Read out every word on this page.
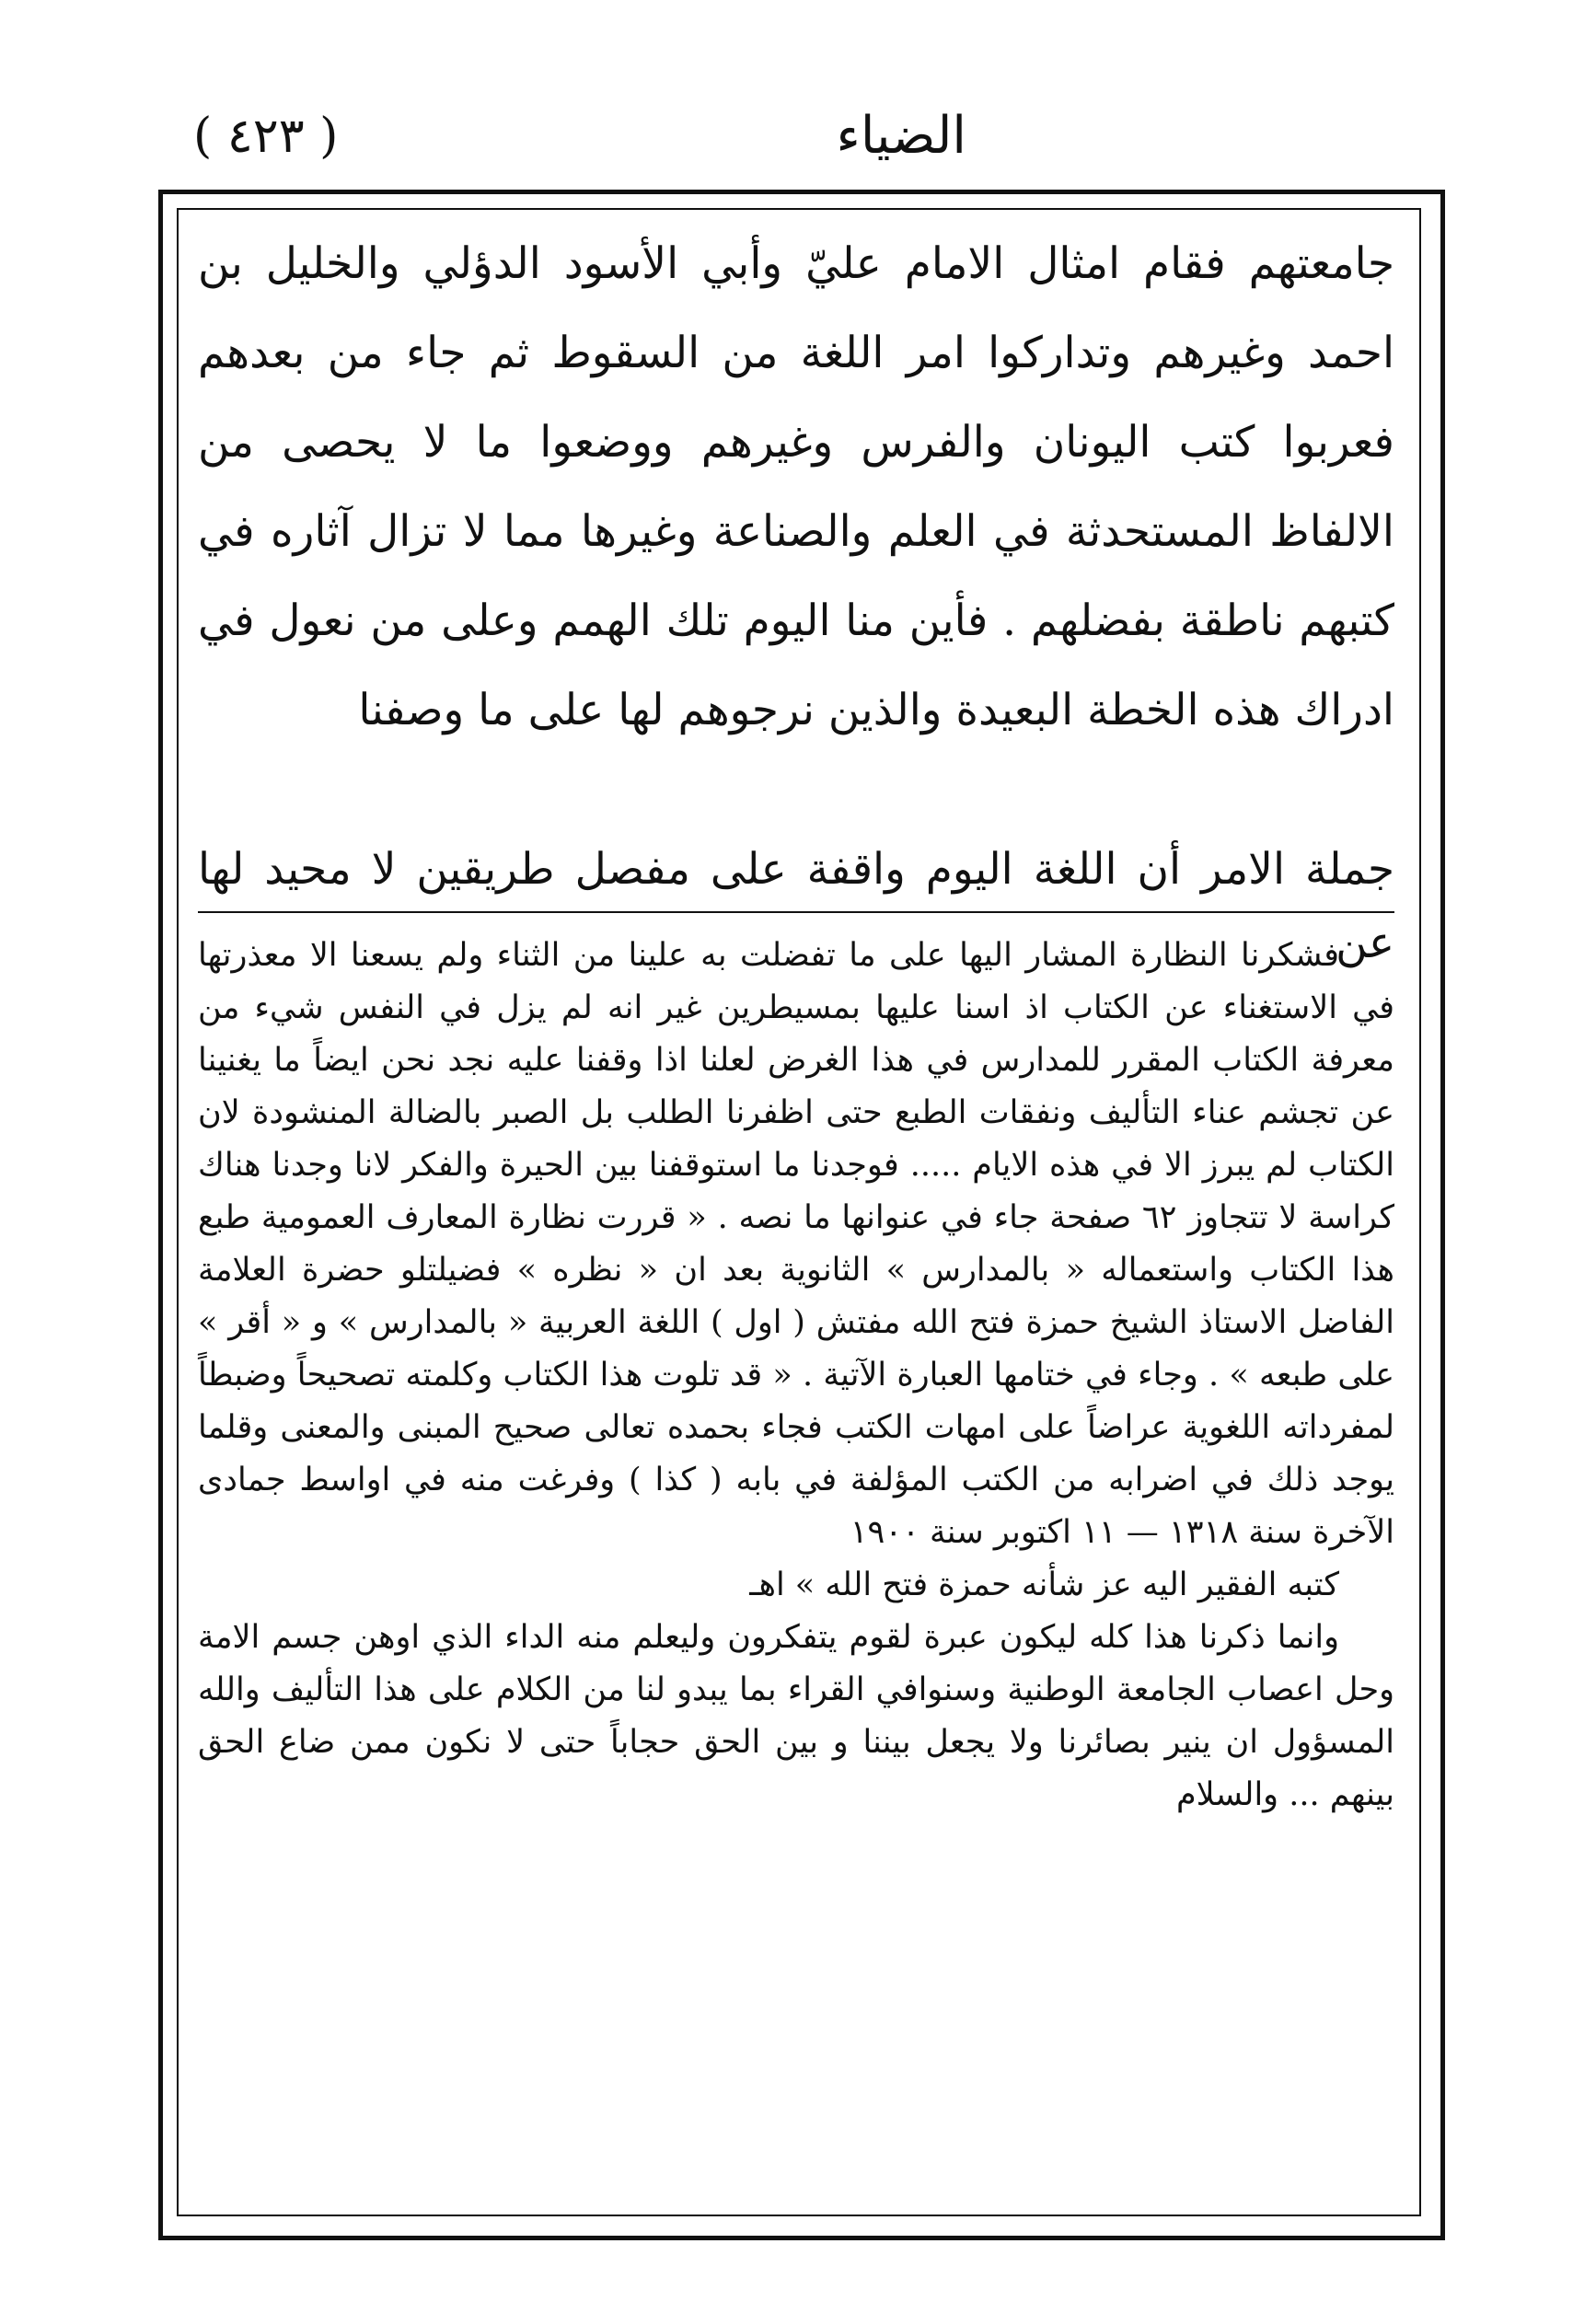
الضياء
( ٤٢٣ )

جامعتهم فقام امثال الامام عليّ وأبي الأسود الدؤلي والخليل بن احمد وغيرهم وتداركوا امر اللغة من السقوط ثم جاء من بعدهم فعربوا كتب اليونان والفرس وغيرهم ووضعوا ما لا يحصى من الالفاظ المستحدثة في العلم والصناعة وغيرها مما لا تزال آثاره في كتبهم ناطقة بفضلهم . فأين منا اليوم تلك الهمم وعلى من نعول في ادراك هذه الخطة البعيدة والذين نرجوهم لها على ما وصفنا

جملة الامر أن اللغة اليوم واقفة على مفصل طريقين لا محيد لها عن

فشكرنا النظارة المشار اليها على ما تفضلت به علينا من الثناء ولم يسعنا الا معذرتها في الاستغناء عن الكتاب اذ اسنا عليها بمسيطرين غير انه لم يزل في النفس شيء من معرفة الكتاب المقرر للمدارس في هذا الغرض لعلنا اذا وقفنا عليه نجد نحن ايضاً ما يغنينا عن تجشم عناء التأليف ونفقات الطبع حتى اظفرنا الطلب بل الصبر بالضالة المنشودة لان الكتاب لم يبرز الا في هذه الايام ..... فوجدنا ما استوقفنا بين الحيرة والفكر لانا وجدنا هناك كراسة لا تتجاوز ٦٢ صفحة جاء في عنوانها ما نصه . « قررت نظارة المعارف العمومية طبع هذا الكتاب واستعماله « بالمدارس » الثانوية بعد ان « نظره » فضيلتلو حضرة العلامة الفاضل الاستاذ الشيخ حمزة فتح الله مفتش ( اول ) اللغة العربية « بالمدارس » و « أقر » على طبعه » . وجاء في ختامها العبارة الآتية . « قد تلوت هذا الكتاب وكلمته تصحيحاً وضبطاً لمفرداته اللغوية عراضاً على امهات الكتب فجاء بحمده تعالى صحيح المبنى والمعنى وقلما يوجد ذلك في اضرابه من الكتب المؤلفة في بابه ( كذا ) وفرغت منه في اواسط جمادى الآخرة سنة ١٣١٨ — ١١ اكتوبر سنة ١٩٠٠

كتبه الفقير اليه عز شأنه حمزة فتح الله » اهـ

وانما ذكرنا هذا كله ليكون عبرة لقوم يتفكرون وليعلم منه الداء الذي اوهن جسم الامة وحل اعصاب الجامعة الوطنية وسنوافي القراء بما يبدو لنا من الكلام على هذا التأليف والله المسؤول ان ينير بصائرنا ولا يجعل بيننا و بين الحق حجاباً حتى لا نكون ممن ضاع الحق بينهم ... والسلام
